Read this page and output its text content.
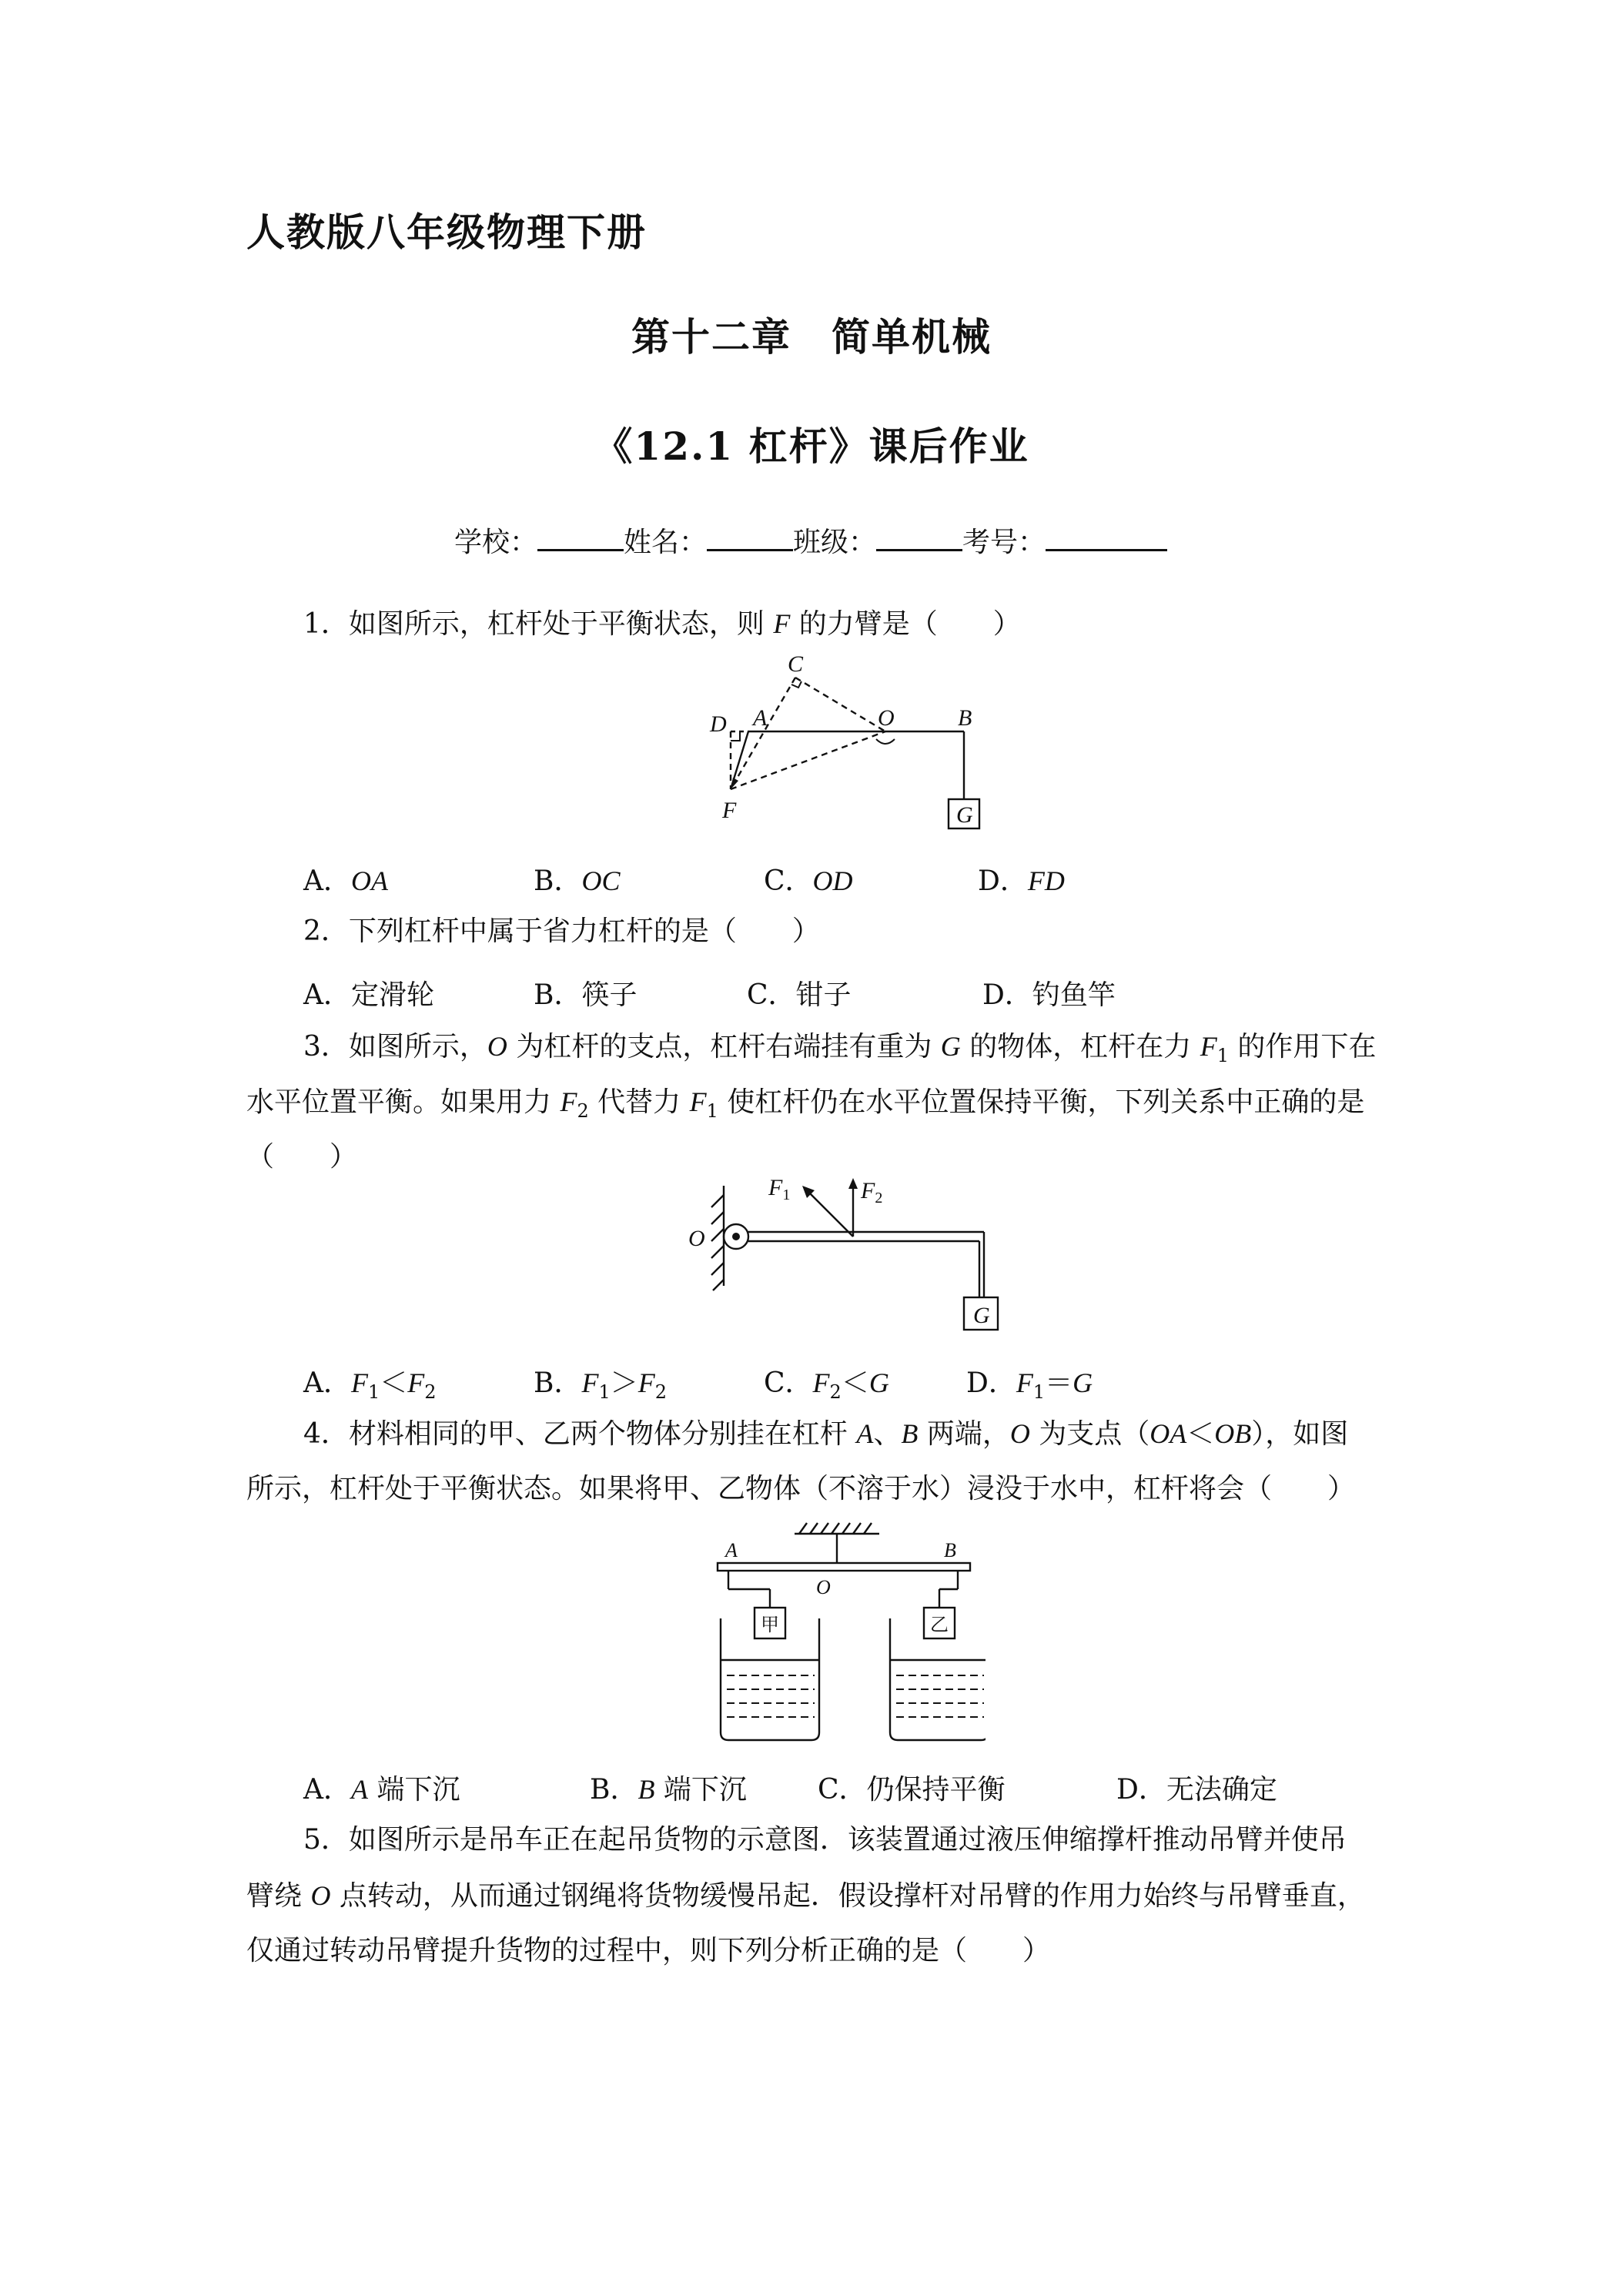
人教版八年级物理下册
第十二章　简单机械
《12.1 杠杆》课后作业
学校：	姓名：	班级：	考号：
1．如图所示，杠杆处于平衡状态，则 F 的力臂是（　　）
C
D A	O	B
F	G
A．OA	B．OC	C．OD	D．FD
2．下列杠杆中属于省力杠杆的是（　　）
A．定滑轮	B．筷子	C．钳子	D．钓鱼竿
3．如图所示，O 为杠杆的支点，杠杆右端挂有重为 G 的物体，杠杆在力 $F_1$ 的作用下在
水平位置平衡。如果用力 $F_2$ 代替力 $F_1$ 使杠杆仍在水平位置保持平衡，下列关系中正确的是
（　　）
O
$F_1$	$F_2$
G
A．$F_1<F_2$	B．$F_1>F_2$	C．$F_2<G$	D．$F_1=G$
4．材料相同的甲、乙两个物体分别挂在杠杆 A、B 两端，O 为支点（OA＜OB），如图
所示，杠杆处于平衡状态。如果将甲、乙物体（不溶于水）浸没于水中，杠杆将会（　　）
A	B
O
甲	乙
A．A 端下沉	B．B 端下沉	C．仍保持平衡	D．无法确定
5．如图所示是吊车正在起吊货物的示意图．该装置通过液压伸缩撑杆推动吊臂并使吊
臂绕 O 点转动，从而通过钢绳将货物缓慢吊起．假设撑杆对吊臂的作用力始终与吊臂垂直，
仅通过转动吊臂提升货物的过程中，则下列分析正确的是（　　）
